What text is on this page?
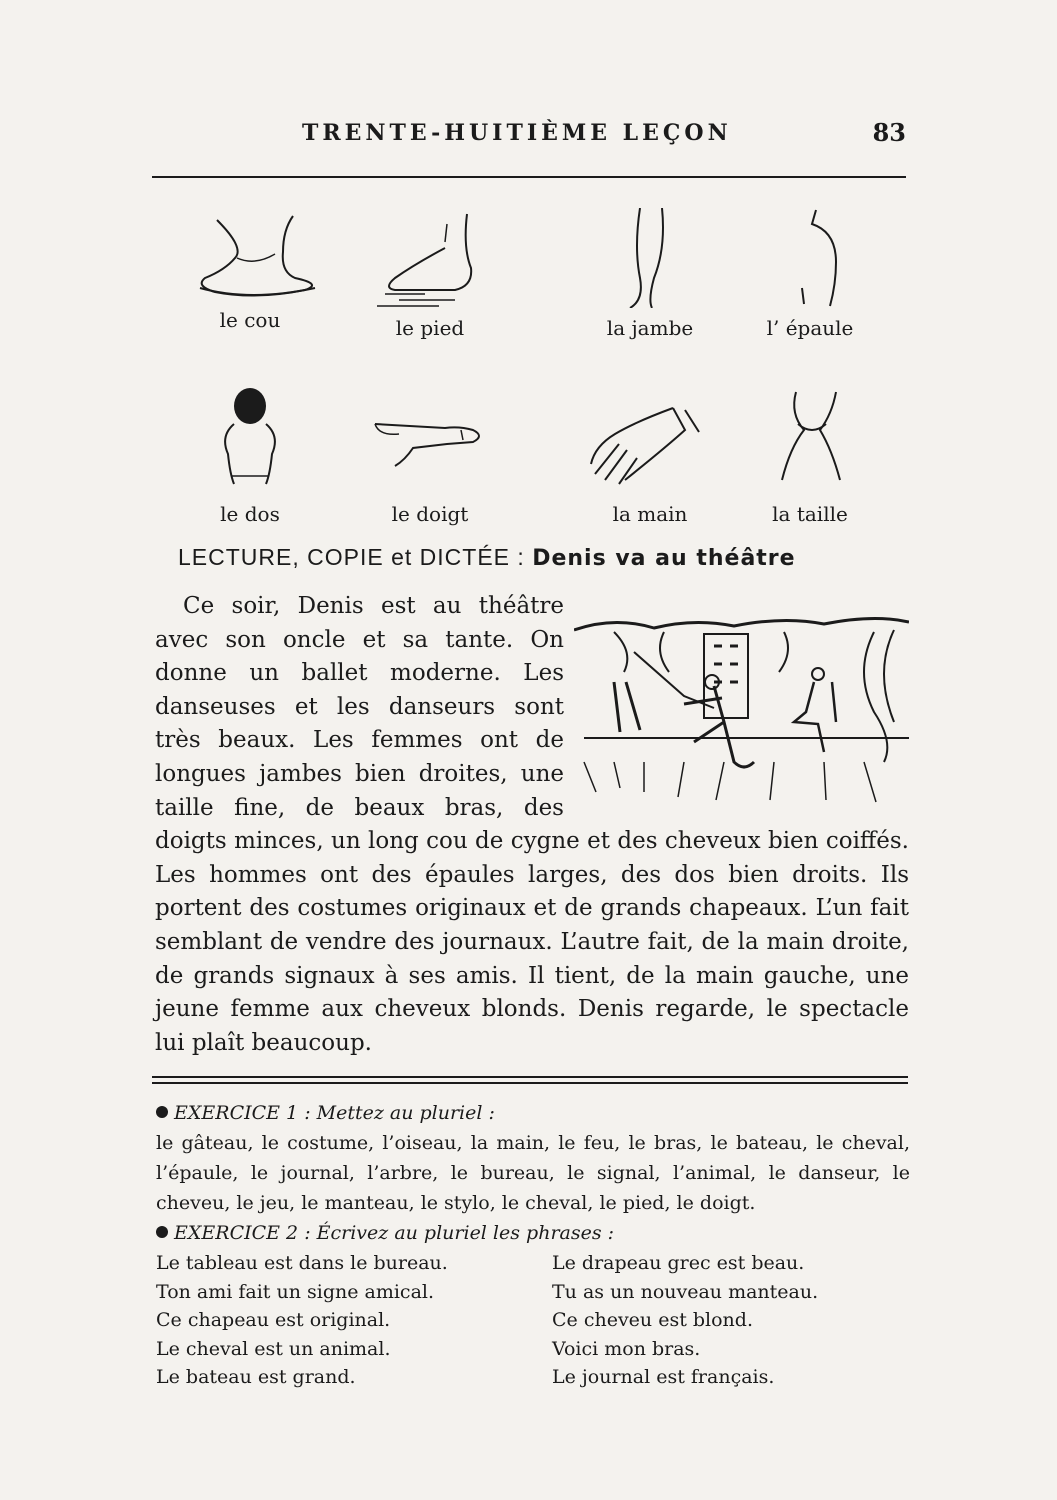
TRENTE-HUITIÈME LEÇON	83
le cou	le pied	la jambe	l’ épaule
le dos	le doigt	la main	la taille
LECTURE, COPIE et DICTÉE : Denis va au théâtre

Ce soir, Denis est au théâtre avec son oncle et sa tante. On donne un ballet moderne. Les danseuses et les danseurs sont très beaux. Les femmes ont de longues jambes bien droites, une taille fine, de beaux bras, des doigts minces, un long cou de cygne et des cheveux bien coiffés. Les hommes ont des épaules larges, des dos bien droits. Ils portent des costumes originaux et de grands chapeaux. L’un fait semblant de vendre des journaux. L’autre fait, de la main droite, de grands signaux à ses amis. Il tient, de la main gauche, une jeune femme aux cheveux blonds. Denis regarde, le spectacle lui plaît beaucoup.

EXERCICE 1 : Mettez au pluriel :
le gâteau, le costume, l’oiseau, la main, le feu, le bras, le bateau, le cheval, l’épaule, le journal, l’arbre, le bureau, le signal, l’animal, le danseur, le cheveu, le jeu, le manteau, le stylo, le cheval, le pied, le doigt.
EXERCICE 2 : Écrivez au pluriel les phrases :
Le tableau est dans le bureau.
Ton ami fait un signe amical.
Ce chapeau est original.
Le cheval est un animal.
Le bateau est grand.
Le drapeau grec est beau.
Tu as un nouveau manteau.
Ce cheveu est blond.
Voici mon bras.
Le journal est français.
